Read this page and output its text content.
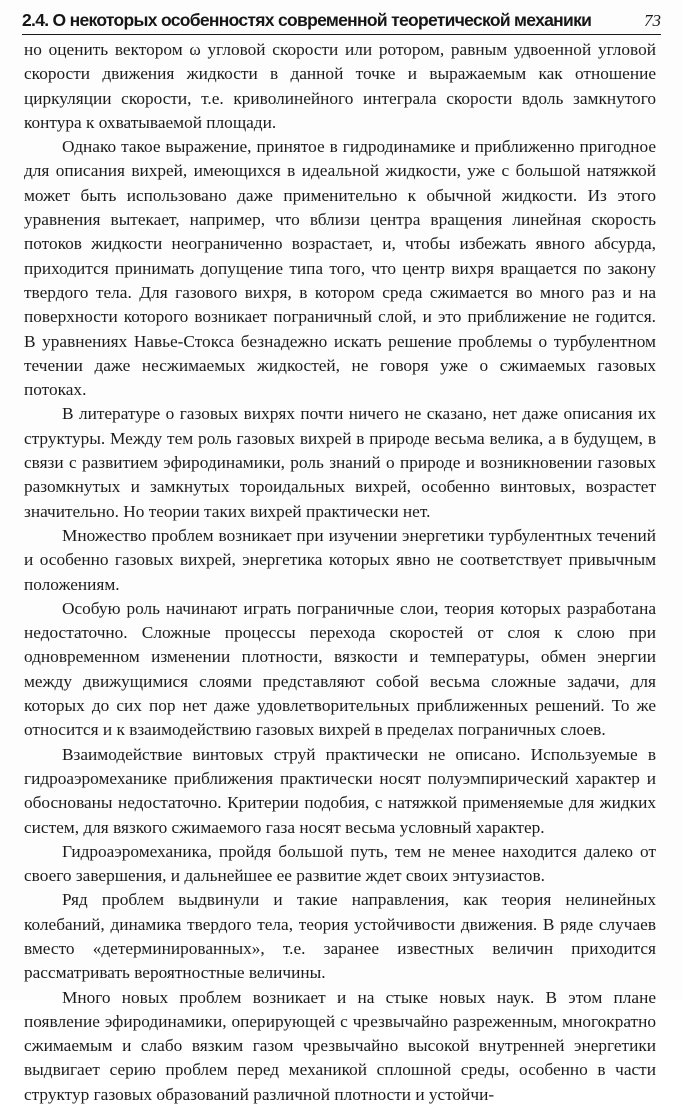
2.4. О некоторых особенностях современной теоретической механики	73

но оценить вектором ω угловой скорости или ротором, равным удвоенной угловой скорости движения жидкости в данной точке и выражаемым как отношение циркуляции скорости, т.е. криволинейного интеграла скорости вдоль замкнутого контура к охватываемой площади.

Однако такое выражение, принятое в гидродинамике и приближенно пригодное для описания вихрей, имеющихся в идеальной жидкости, уже с большой натяжкой может быть использовано даже применительно к обычной жидкости. Из этого уравнения вытекает, например, что вблизи центра вращения линейная скорость потоков жидкости неограниченно возрастает, и, чтобы избежать явного абсурда, приходится принимать допущение типа того, что центр вихря вращается по закону твердого тела. Для газового вихря, в котором среда сжимается во много раз и на поверхности которого возникает пограничный слой, и это приближение не годится. В уравнениях Навье-Стокса безнадежно искать решение проблемы о турбулентном течении даже несжимаемых жидкостей, не говоря уже о сжимаемых газовых потоках.

В литературе о газовых вихрях почти ничего не сказано, нет даже описания их структуры. Между тем роль газовых вихрей в природе весьма велика, а в будущем, в связи с развитием эфиродинамики, роль знаний о природе и возникновении газовых разомкнутых и замкнутых тороидальных вихрей, особенно винтовых, возрастет значительно. Но теории таких вихрей практически нет.

Множество проблем возникает при изучении энергетики турбулентных течений и особенно газовых вихрей, энергетика которых явно не соответствует привычным положениям.

Особую роль начинают играть пограничные слои, теория которых разработана недостаточно. Сложные процессы перехода скоростей от слоя к слою при одновременном изменении плотности, вязкости и температуры, обмен энергии между движущимися слоями представляют собой весьма сложные задачи, для которых до сих пор нет даже удовлетворительных приближенных решений. То же относится и к взаимодействию газовых вихрей в пределах пограничных слоев.

Взаимодействие винтовых струй практически не описано. Используемые в гидроаэромеханике приближения практически носят полуэмпирический характер и обоснованы недостаточно. Критерии подобия, с натяжкой применяемые для жидких систем, для вязкого сжимаемого газа носят весьма условный характер.

Гидроаэромеханика, пройдя большой путь, тем не менее находится далеко от своего завершения, и дальнейшее ее развитие ждет своих энтузиастов.

Ряд проблем выдвинули и такие направления, как теория нелинейных колебаний, динамика твердого тела, теория устойчивости движения. В ряде случаев вместо «детерминированных», т.е. заранее известных величин приходится рассматривать вероятностные величины.

Много новых проблем возникает и на стыке новых наук. В этом плане появление эфиродинамики, оперирующей с чрезвычайно разреженным, многократно сжимаемым и слабо вязким газом чрезвычайно высокой внутренней энергетики выдвигает серию проблем перед механикой сплошной среды, особенно в части структур газовых образований различной плотности и устойчи-
